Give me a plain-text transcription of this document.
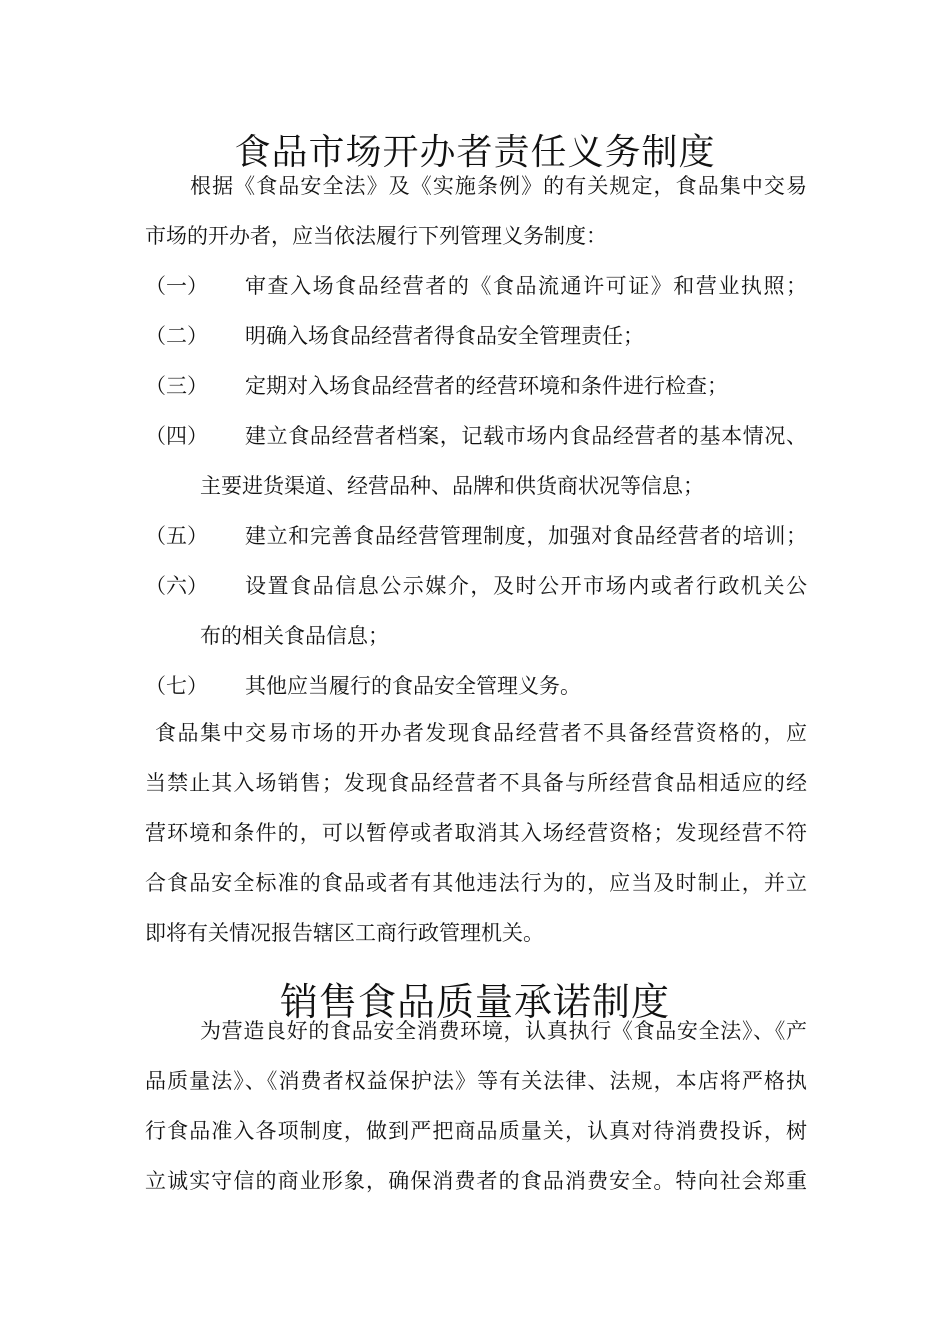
食品市场开办者责任义务制度
根据《食品安全法》及《实施条例》的有关规定，食品集中交易
市场的开办者，应当依法履行下列管理义务制度：
（一）	审查入场食品经营者的《食品流通许可证》和营业执照；
（二）	明确入场食品经营者得食品安全管理责任；
（三）	定期对入场食品经营者的经营环境和条件进行检查；
（四）	建立食品经营者档案，记载市场内食品经营者的基本情况、
主要进货渠道、经营品种、品牌和供货商状况等信息；
（五）	建立和完善食品经营管理制度，加强对食品经营者的培训；
（六）	设置食品信息公示媒介，及时公开市场内或者行政机关公
布的相关食品信息；
（七）	其他应当履行的食品安全管理义务。
食品集中交易市场的开办者发现食品经营者不具备经营资格的，应
当禁止其入场销售；发现食品经营者不具备与所经营食品相适应的经
营环境和条件的，可以暂停或者取消其入场经营资格；发现经营不符
合食品安全标准的食品或者有其他违法行为的，应当及时制止，并立
即将有关情况报告辖区工商行政管理机关。
销售食品质量承诺制度
为营造良好的食品安全消费环境，认真执行《食品安全法》、《产
品质量法》、《消费者权益保护法》等有关法律、法规，本店将严格执
行食品准入各项制度，做到严把商品质量关，认真对待消费投诉，树
立诚实守信的商业形象，确保消费者的食品消费安全。特向社会郑重
